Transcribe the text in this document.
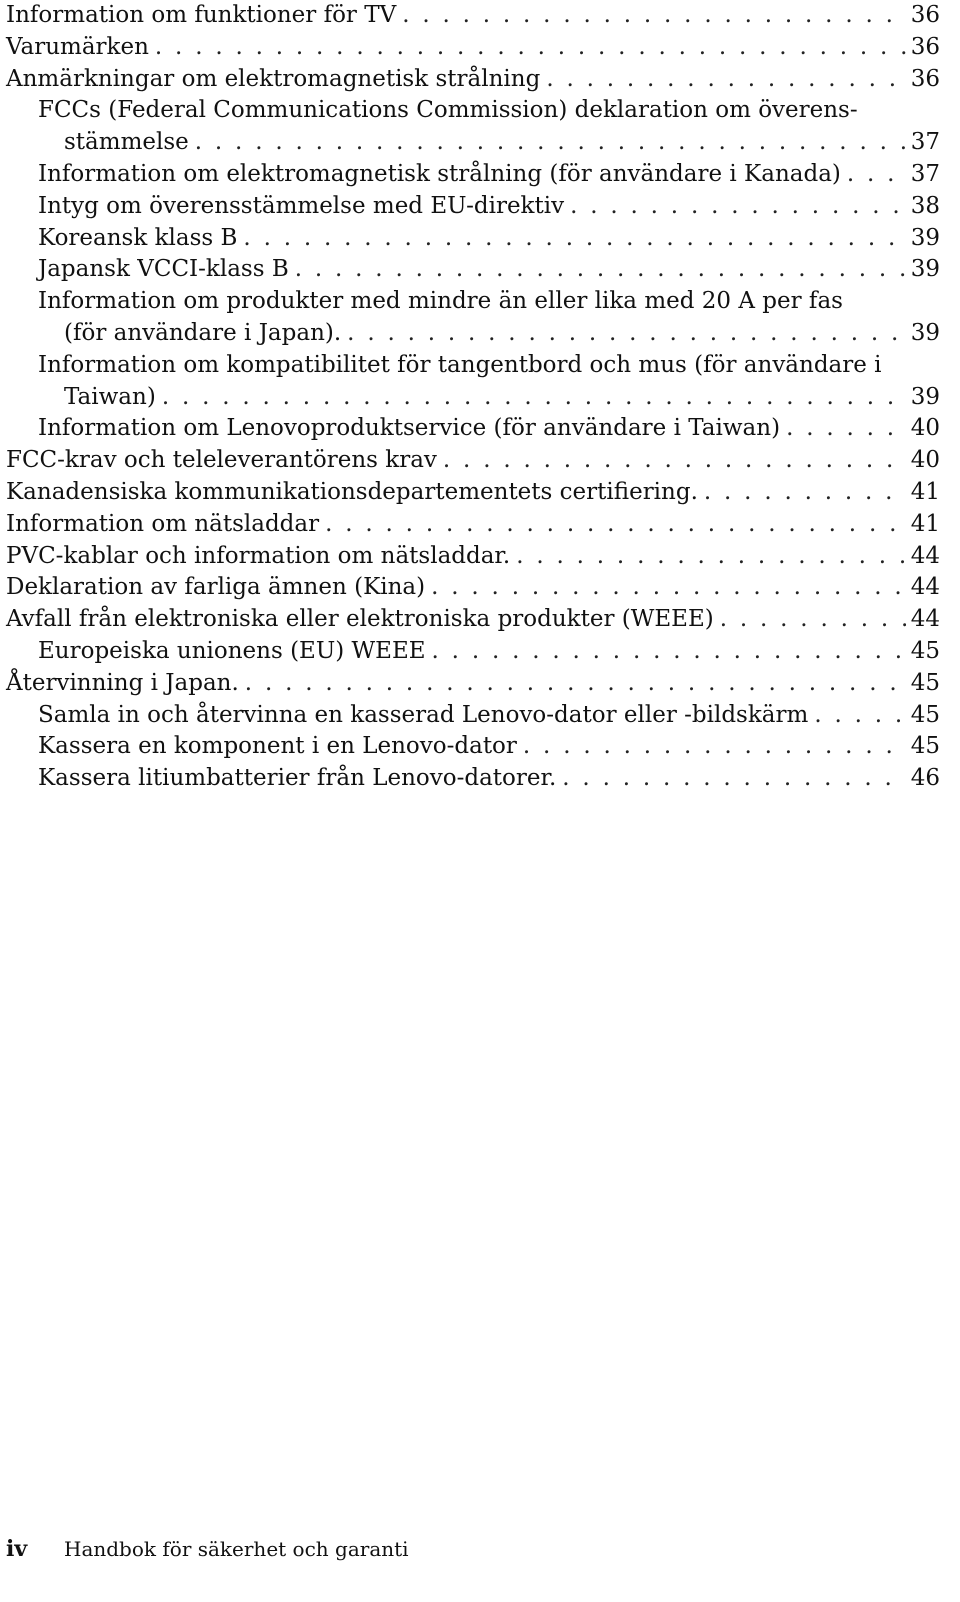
Information om funktioner för TV . . .	36
Varumärken . . .	36
Anmärkningar om elektromagnetisk strålning . . .	36
FCCs (Federal Communications Commission) deklaration om överens-
stämmelse . . .	37
Information om elektromagnetisk strålning (för användare i Kanada) . . .	37
Intyg om överensstämmelse med EU-direktiv . . .	38
Koreansk klass B . . .	39
Japansk VCCI-klass B . . .	39
Information om produkter med mindre än eller lika med 20 A per fas
(för användare i Japan). . . .	39
Information om kompatibilitet för tangentbord och mus (för användare i
Taiwan) . . .	39
Information om Lenovoproduktservice (för användare i Taiwan) . . .	40
FCC-krav och teleleverantörens krav . . .	40
Kanadensiska kommunikationsdepartementets certifiering. . . .	41
Information om nätsladdar . . .	41
PVC-kablar och information om nätsladdar. . . .	44
Deklaration av farliga ämnen (Kina) . . .	44
Avfall från elektroniska eller elektroniska produkter (WEEE) . . .	44
Europeiska unionens (EU) WEEE . . .	45
Återvinning i Japan. . . .	45
Samla in och återvinna en kasserad Lenovo-dator eller -bildskärm . . .	45
Kassera en komponent i en Lenovo-dator . . .	45
Kassera litiumbatterier från Lenovo-datorer. . . .	46
iv	Handbok för säkerhet och garanti
